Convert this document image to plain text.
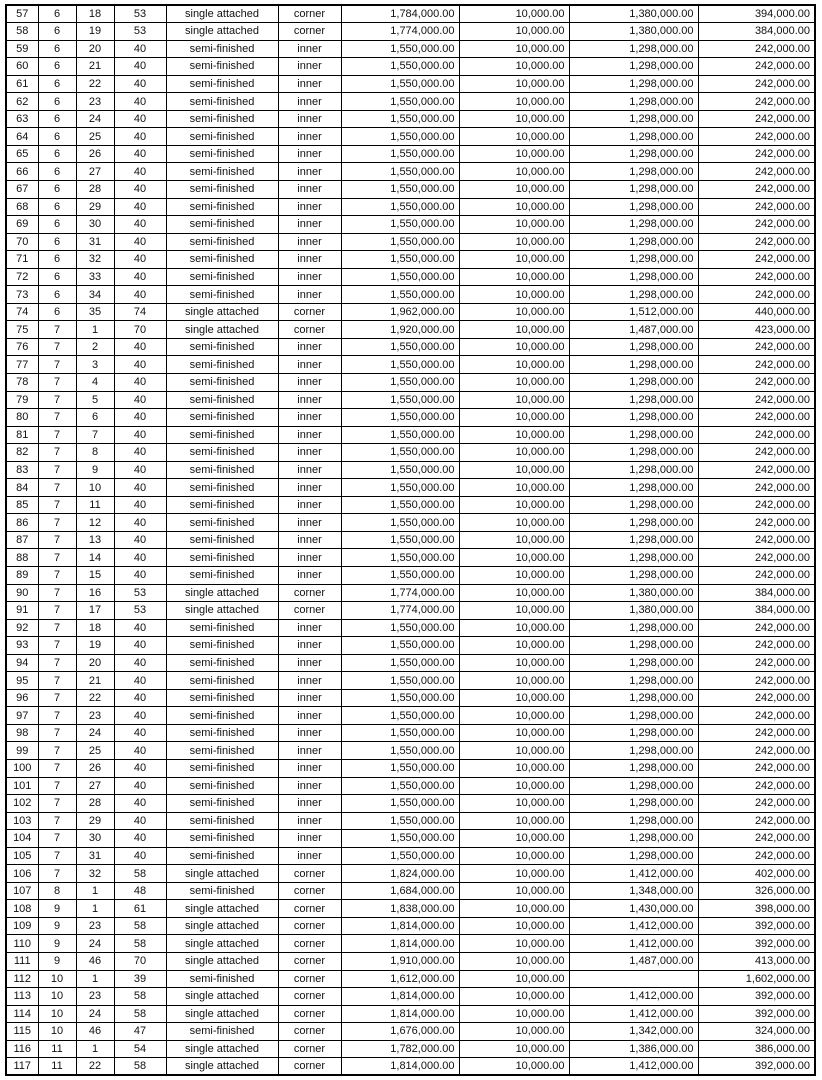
57	6	18	53	single attached	corner	1,784,000.00	10,000.00	1,380,000.00	394,000.00
58	6	19	53	single attached	corner	1,774,000.00	10,000.00	1,380,000.00	384,000.00
59	6	20	40	semi-finished	inner	1,550,000.00	10,000.00	1,298,000.00	242,000.00
60	6	21	40	semi-finished	inner	1,550,000.00	10,000.00	1,298,000.00	242,000.00
61	6	22	40	semi-finished	inner	1,550,000.00	10,000.00	1,298,000.00	242,000.00
62	6	23	40	semi-finished	inner	1,550,000.00	10,000.00	1,298,000.00	242,000.00
63	6	24	40	semi-finished	inner	1,550,000.00	10,000.00	1,298,000.00	242,000.00
64	6	25	40	semi-finished	inner	1,550,000.00	10,000.00	1,298,000.00	242,000.00
65	6	26	40	semi-finished	inner	1,550,000.00	10,000.00	1,298,000.00	242,000.00
66	6	27	40	semi-finished	inner	1,550,000.00	10,000.00	1,298,000.00	242,000.00
67	6	28	40	semi-finished	inner	1,550,000.00	10,000.00	1,298,000.00	242,000.00
68	6	29	40	semi-finished	inner	1,550,000.00	10,000.00	1,298,000.00	242,000.00
69	6	30	40	semi-finished	inner	1,550,000.00	10,000.00	1,298,000.00	242,000.00
70	6	31	40	semi-finished	inner	1,550,000.00	10,000.00	1,298,000.00	242,000.00
71	6	32	40	semi-finished	inner	1,550,000.00	10,000.00	1,298,000.00	242,000.00
72	6	33	40	semi-finished	inner	1,550,000.00	10,000.00	1,298,000.00	242,000.00
73	6	34	40	semi-finished	inner	1,550,000.00	10,000.00	1,298,000.00	242,000.00
74	6	35	74	single attached	corner	1,962,000.00	10,000.00	1,512,000.00	440,000.00
75	7	1	70	single attached	corner	1,920,000.00	10,000.00	1,487,000.00	423,000.00
76	7	2	40	semi-finished	inner	1,550,000.00	10,000.00	1,298,000.00	242,000.00
77	7	3	40	semi-finished	inner	1,550,000.00	10,000.00	1,298,000.00	242,000.00
78	7	4	40	semi-finished	inner	1,550,000.00	10,000.00	1,298,000.00	242,000.00
79	7	5	40	semi-finished	inner	1,550,000.00	10,000.00	1,298,000.00	242,000.00
80	7	6	40	semi-finished	inner	1,550,000.00	10,000.00	1,298,000.00	242,000.00
81	7	7	40	semi-finished	inner	1,550,000.00	10,000.00	1,298,000.00	242,000.00
82	7	8	40	semi-finished	inner	1,550,000.00	10,000.00	1,298,000.00	242,000.00
83	7	9	40	semi-finished	inner	1,550,000.00	10,000.00	1,298,000.00	242,000.00
84	7	10	40	semi-finished	inner	1,550,000.00	10,000.00	1,298,000.00	242,000.00
85	7	11	40	semi-finished	inner	1,550,000.00	10,000.00	1,298,000.00	242,000.00
86	7	12	40	semi-finished	inner	1,550,000.00	10,000.00	1,298,000.00	242,000.00
87	7	13	40	semi-finished	inner	1,550,000.00	10,000.00	1,298,000.00	242,000.00
88	7	14	40	semi-finished	inner	1,550,000.00	10,000.00	1,298,000.00	242,000.00
89	7	15	40	semi-finished	inner	1,550,000.00	10,000.00	1,298,000.00	242,000.00
90	7	16	53	single attached	corner	1,774,000.00	10,000.00	1,380,000.00	384,000.00
91	7	17	53	single attached	corner	1,774,000.00	10,000.00	1,380,000.00	384,000.00
92	7	18	40	semi-finished	inner	1,550,000.00	10,000.00	1,298,000.00	242,000.00
93	7	19	40	semi-finished	inner	1,550,000.00	10,000.00	1,298,000.00	242,000.00
94	7	20	40	semi-finished	inner	1,550,000.00	10,000.00	1,298,000.00	242,000.00
95	7	21	40	semi-finished	inner	1,550,000.00	10,000.00	1,298,000.00	242,000.00
96	7	22	40	semi-finished	inner	1,550,000.00	10,000.00	1,298,000.00	242,000.00
97	7	23	40	semi-finished	inner	1,550,000.00	10,000.00	1,298,000.00	242,000.00
98	7	24	40	semi-finished	inner	1,550,000.00	10,000.00	1,298,000.00	242,000.00
99	7	25	40	semi-finished	inner	1,550,000.00	10,000.00	1,298,000.00	242,000.00
100	7	26	40	semi-finished	inner	1,550,000.00	10,000.00	1,298,000.00	242,000.00
101	7	27	40	semi-finished	inner	1,550,000.00	10,000.00	1,298,000.00	242,000.00
102	7	28	40	semi-finished	inner	1,550,000.00	10,000.00	1,298,000.00	242,000.00
103	7	29	40	semi-finished	inner	1,550,000.00	10,000.00	1,298,000.00	242,000.00
104	7	30	40	semi-finished	inner	1,550,000.00	10,000.00	1,298,000.00	242,000.00
105	7	31	40	semi-finished	inner	1,550,000.00	10,000.00	1,298,000.00	242,000.00
106	7	32	58	single attached	corner	1,824,000.00	10,000.00	1,412,000.00	402,000.00
107	8	1	48	semi-finished	corner	1,684,000.00	10,000.00	1,348,000.00	326,000.00
108	9	1	61	single attached	corner	1,838,000.00	10,000.00	1,430,000.00	398,000.00
109	9	23	58	single attached	corner	1,814,000.00	10,000.00	1,412,000.00	392,000.00
110	9	24	58	single attached	corner	1,814,000.00	10,000.00	1,412,000.00	392,000.00
111	9	46	70	single attached	corner	1,910,000.00	10,000.00	1,487,000.00	413,000.00
112	10	1	39	semi-finished	corner	1,612,000.00	10,000.00		1,602,000.00
113	10	23	58	single attached	corner	1,814,000.00	10,000.00	1,412,000.00	392,000.00
114	10	24	58	single attached	corner	1,814,000.00	10,000.00	1,412,000.00	392,000.00
115	10	46	47	semi-finished	corner	1,676,000.00	10,000.00	1,342,000.00	324,000.00
116	11	1	54	single attached	corner	1,782,000.00	10,000.00	1,386,000.00	386,000.00
117	11	22	58	single attached	corner	1,814,000.00	10,000.00	1,412,000.00	392,000.00
